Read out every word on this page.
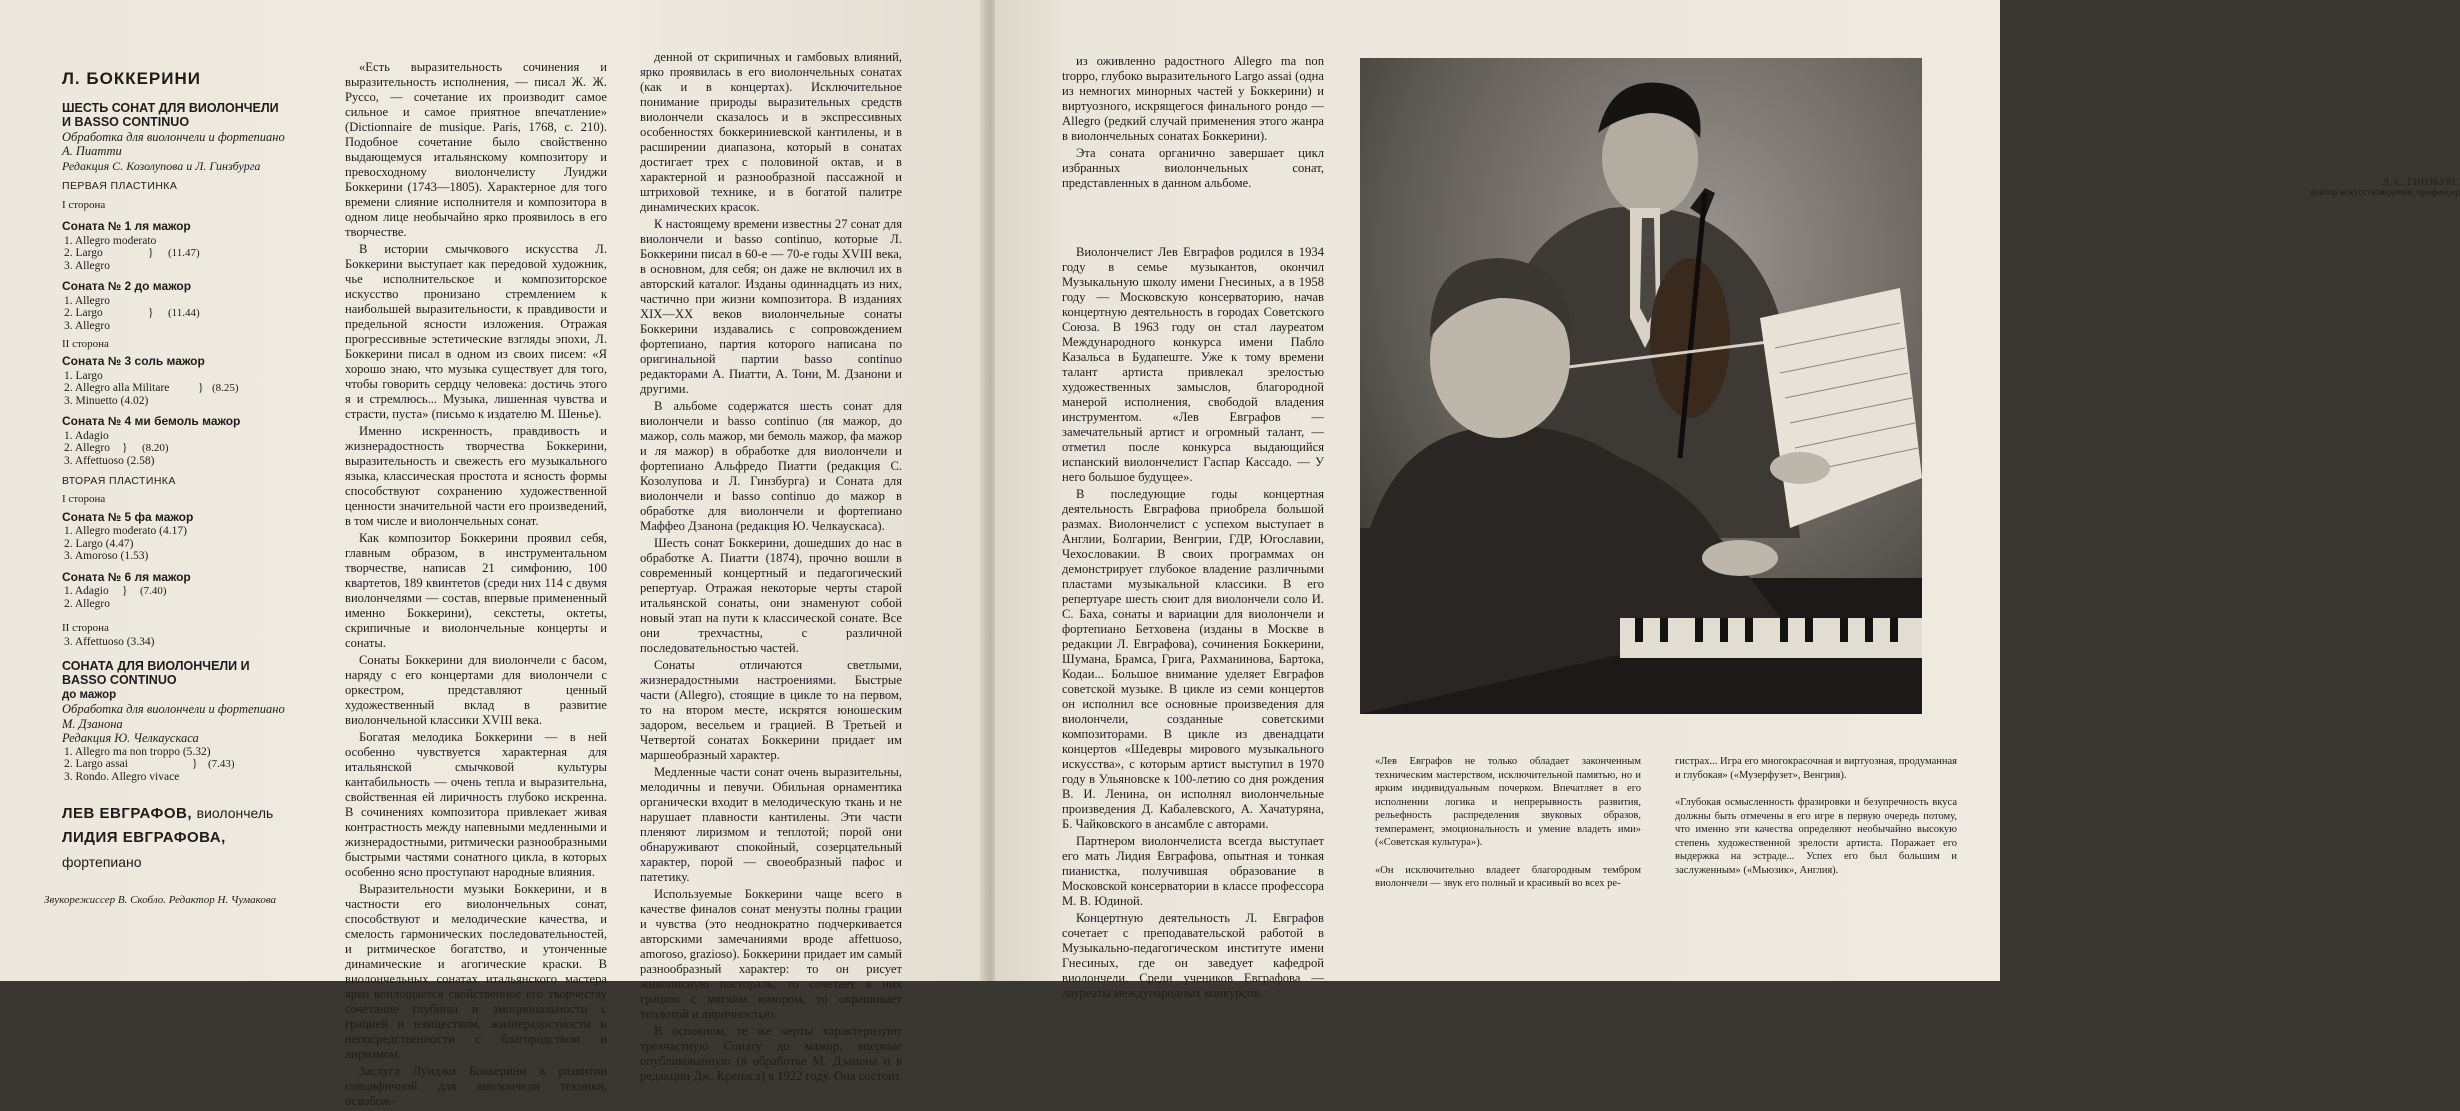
Л. БОККЕРИНИ

ШЕСТЬ СОНАТ ДЛЯ ВИОЛОНЧЕЛИ И BASSO CONTINUO

Обработка для виолончели и фортепиано А. Пиатти

Редакция С. Козолупова и Л. Гинзбурга

ПЕРВАЯ ПЛАСТИНКА

I сторона

Соната № 1 ля мажор

1. Allegro moderato

2. Largo	} (11.47)

3. Allegro

Соната № 2 до мажор

1. Allegro

2. Largo	} (11.44)

3. Allegro

II сторона

Соната № 3 соль мажор

1. Largo

2. Allegro alla Militare } (8.25)

3. Minuetto (4.02)

Соната № 4 ми бемоль мажор

1. Adagio

2. Allegro } (8.20)

3. Affettuoso (2.58)

ВТОРАЯ ПЛАСТИНКА

I сторона

Соната № 5 фа мажор

1. Allegro moderato (4.17)

2. Largo (4.47)

3. Amoroso (1.53)

Соната № 6 ля мажор

1. Adagio } (7.40)

2. Allegro

II сторона

3. Affettuoso (3.34)

СОНАТА ДЛЯ ВИОЛОНЧЕЛИ И BASSO CONTINUO

до мажор

Обработка для виолончели и фортепиано М. Дзанона

Редакция Ю. Челкаускаса

1. Allegro ma non troppo (5.32)

2. Largo assai	} (7.43)

3. Rondo. Allegro vivace

ЛЕВ ЕВГРАФОВ, виолончель

ЛИДИЯ ЕВГРАФОВА, фортепиано

Звукорежиссер В. Скобло. Редактор Н. Чумакова

«Есть выразительность сочинения и выразительность исполнения, — писал Ж. Ж. Руссо, — сочетание их производит самое сильное и самое приятное впечатление» (Dictionnaire de musique. Paris, 1768, с. 210). Подобное сочетание было свойственно выдающемуся итальянскому композитору и превосходному виолончелисту Луиджи Боккерини (1743—1805). Характерное для того времени слияние исполнителя и композитора в одном лице необычайно ярко проявилось в его творчестве.

В истории смычкового искусства Л. Боккерини выступает как передовой художник, чье исполнительское и композиторское искусство пронизано стремлением к наибольшей выразительности, к правдивости и предельной ясности изложения. Отражая прогрессивные эстетические взгляды эпохи, Л. Боккерини писал в одном из своих писем: «Я хорошо знаю, что музыка существует для того, чтобы говорить сердцу человека: достичь этого я и стремлюсь... Музыка, лишенная чувства и страсти, пуста» (письмо к издателю М. Шенье).

Именно искренность, правдивость и жизнерадостность творчества Боккерини, выразительность и свежесть его музыкального языка, классическая простота и ясность формы способствуют сохранению художественной ценности значительной части его произведений, в том числе и виолончельных сонат.

Как композитор Боккерини проявил себя, главным образом, в инструментальном творчестве, написав 21 симфонию, 100 квартетов, 189 квинтетов (среди них 114 с двумя виолончелями — состав, впервые примененный именно Боккерини), секстеты, октеты, скрипичные и виолончельные концерты и сонаты.

Сонаты Боккерини для виолончели с басом, наряду с его концертами для виолончели с оркестром, представляют ценный художественный вклад в развитие виолончельной классики XVIII века.

Богатая мелодика Боккерини — в ней особенно чувствуется характерная для итальянской смычковой культуры кантабильность — очень тепла и выразительна, свойственная ей лиричность глубоко искренна. В сочинениях композитора привлекает живая контрастность между напевными медленными и жизнерадостными, ритмически разнообразными быстрыми частями сонатного цикла, в которых особенно ясно проступают народные влияния.

Выразительности музыки Боккерини, и в частности его виолончельных сонат, способствуют и мелодические качества, и смелость гармонических последовательностей, и ритмическое богатство, и утонченные динамические и агогические краски. В виолончельных сонатах итальянского мастера ярко воплощается свойственное его творчеству сочетание глубины и эмоциональности с грацией и изяществом, жизнерадостности и непосредственности с благородством и лиризмом.

Заслуга Луиджи Боккерини в развитии специфичной для виолончели техники, освобож-

денной от скрипичных и гамбовых влияний, ярко проявилась в его виолончельных сонатах (как и в концертах). Исключительное понимание природы выразительных средств виолончели сказалось и в экспрессивных особенностях боккериниевской кантилены, и в расширении диапазона, который в сонатах достигает трех с половиной октав, и в характерной и разнообразной пассажной и штриховой технике, и в богатой палитре динамических красок.

К настоящему времени известны 27 сонат для виолончели и basso continuo, которые Л. Боккерини писал в 60-е — 70-е годы XVIII века, в основном, для себя; он даже не включил их в авторский каталог. Изданы одиннадцать из них, частично при жизни композитора. В изданиях XIX—XX веков виолончельные сонаты Боккерини издавались с сопровождением фортепиано, партия которого написана по оригинальной партии basso continuo редакторами А. Пиатти, А. Тони, М. Дзанони и другими.

В альбоме содержатся шесть сонат для виолончели и basso continuo (ля мажор, до мажор, соль мажор, ми бемоль мажор, фа мажор и ля мажор) в обработке для виолончели и фортепиано Альфредо Пиатти (редакция С. Козолупова и Л. Гинзбурга) и Соната для виолончели и basso continuo до мажор в обработке для виолончели и фортепиано Маффео Дзанона (редакция Ю. Челкаускаса).

Шесть сонат Боккерини, дошедших до нас в обработке А. Пиатти (1874), прочно вошли в современный концертный и педагогический репертуар. Отражая некоторые черты старой итальянской сонаты, они знаменуют собой новый этап на пути к классической сонате. Все они трехчастны, с различной последовательностью частей.

Сонаты отличаются светлыми, жизнерадостными настроениями. Быстрые части (Allegro), стоящие в цикле то на первом, то на втором месте, искрятся юношеским задором, весельем и грацией. В Третьей и Четвертой сонатах Боккерини придает им маршеобразный характер.

Медленные части сонат очень выразительны, мелодичны и певучи. Обильная орнаментика органически входит в мелодическую ткань и не нарушает плавности кантилены. Эти части пленяют лиризмом и теплотой; порой они обнаруживают спокойный, созерцательный характер, порой — своеобразный пафос и патетику.

Используемые Боккерини чаще всего в качестве финалов сонат менуэты полны грации и чувства (это неоднократно подчеркивается авторскими замечаниями вроде affettuoso, amoroso, grazioso). Боккерини придает им самый разнообразный характер: то он рисует живописную пастораль, то сочетает в них грацию с мягким юмором, то окрашивает теплотой и лиричностью.

В основном, те же черты характеризуют трехчастную Сонату до мажор, впервые опубликованную (в обработке М. Дзанона и в редакции Дж. Крепаса) в 1922 году. Она состоит

из оживленно радостного Allegro ma non troppo, глубоко выразительного Largo assai (одна из немногих минорных частей у Боккерини) и виртуозного, искрящегося финального рондо — Allegro (редкий случай применения этого жанра в виолончельных сонатах Боккерини).

Эта соната органично завершает цикл избранных виолончельных сонат, представленных в данном альбоме.	Л. С. ГИНЗБУРГ,
доктор искусствоведения, профессор

Виолончелист Лев Евграфов родился в 1934 году в семье музыкантов, окончил Музыкальную школу имени Гнесиных, а в 1958 году — Московскую консерваторию, начав концертную деятельность в городах Советского Союза. В 1963 году он стал лауреатом Международного конкурса имени Пабло Казальса в Будапеште. Уже к тому времени талант артиста привлекал зрелостью художественных замыслов, благородной манерой исполнения, свободой владения инструментом. «Лев Евграфов — замечательный артист и огромный талант, — отметил после конкурса выдающийся испанский виолончелист Гаспар Кассадо. — У него большое будущее».

В последующие годы концертная деятельность Евграфова приобрела большой размах. Виолончелист с успехом выступает в Англии, Болгарии, Венгрии, ГДР, Югославии, Чехословакии. В своих программах он демонстрирует глубокое владение различными пластами музыкальной классики. В его репертуаре шесть сюит для виолончели соло И. С. Баха, сонаты и вариации для виолончели и фортепиано Бетховена (изданы в Москве в редакции Л. Евграфова), сочинения Боккерини, Шумана, Брамса, Грига, Рахманинова, Бартока, Кодаи... Большое внимание уделяет Евграфов советской музыке. В цикле из семи концертов он исполнил все основные произведения для виолончели, созданные советскими композиторами. В цикле из двенадцати концертов «Шедевры мирового музыкального искусства», с которым артист выступил в 1970 году в Ульяновске к 100-летию со дня рождения В. И. Ленина, он исполнял виолончельные произведения Д. Кабалевского, А. Хачатуряна, Б. Чайковского в ансамбле с авторами.

Партнером виолончелиста всегда выступает его мать Лидия Евграфова, опытная и тонкая пианистка, получившая образование в Московской консерватории в классе профессора М. В. Юдиной.

Концертную деятельность Л. Евграфов сочетает с преподавательской работой в Музыкально-педагогическом институте имени Гнесиных, где он заведует кафедрой виолончели. Среди учеников Евграфова — лауреаты международных конкурсов.

«Лев Евграфов не только обладает законченным техническим мастерством, исключительной памятью, но и ярким индивидуальным почерком. Впечатляет в его исполнении логика и непрерывность развития, рельефность распределения звуковых образов, темперамент, эмоциональность и умение владеть ими» («Советская культура»).

«Он исключительно владеет благородным тембром виолончели — звук его полный и красивый во всех ре-

гистрах... Игра его многокрасочная и виртуозная, продуманная и глубокая» («Музерфузет», Венгрия).

«Глубокая осмысленность фразировки и безупречность вкуса должны быть отмечены в его игре в первую очередь потому, что именно эти качества определяют необычайно высокую степень художественной зрелости артиста. Поражает его выдержка на эстраде... Успех его был большим и заслуженным» («Мьюзик», Англия).
